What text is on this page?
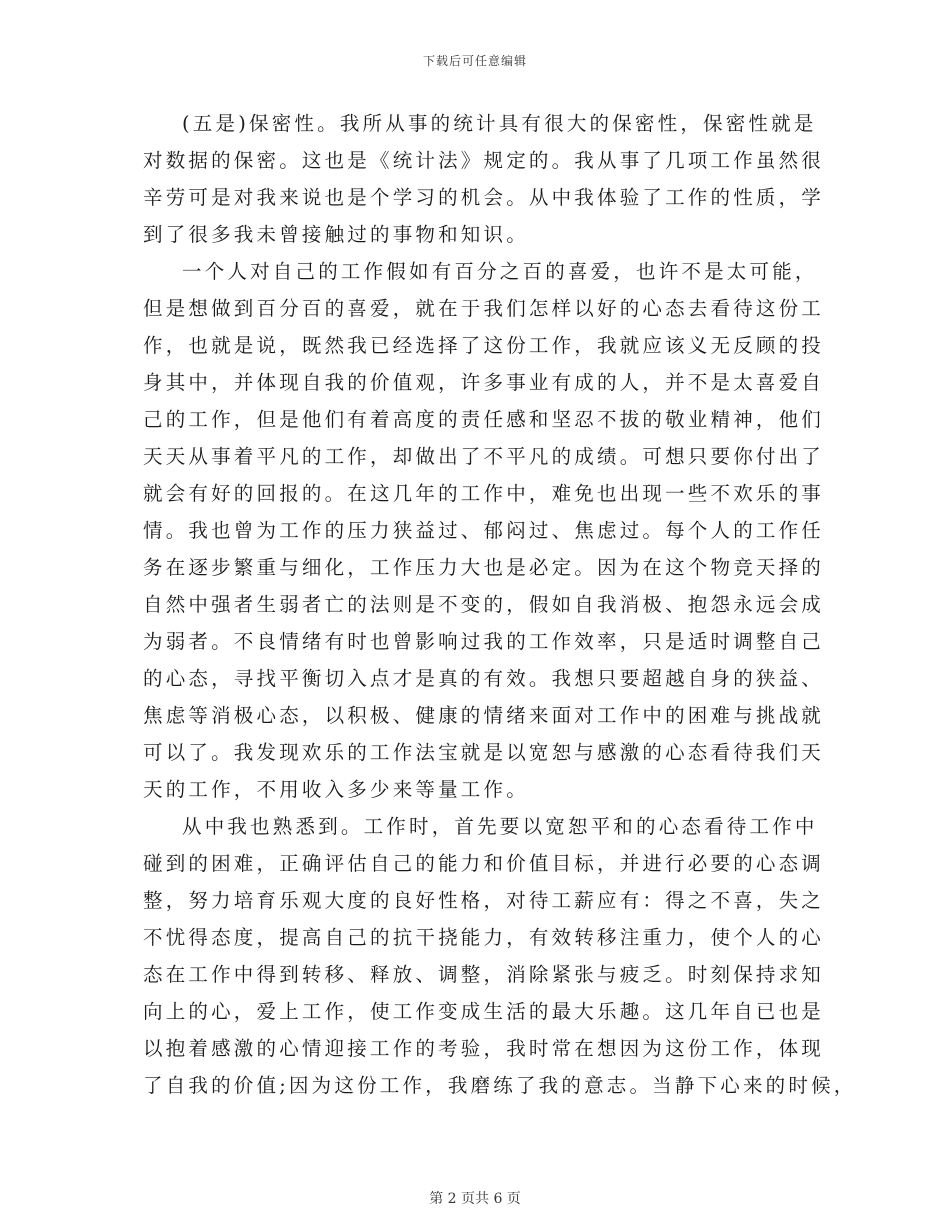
下载后可任意编辑

(五是)保密性。我所从事的统计具有很大的保密性，保密性就是
对数据的保密。这也是《统计法》规定的。我从事了几项工作虽然很
辛劳可是对我来说也是个学习的机会。从中我体验了工作的性质，学
到了很多我未曾接触过的事物和知识。

一个人对自己的工作假如有百分之百的喜爱，也许不是太可能，
但是想做到百分百的喜爱，就在于我们怎样以好的心态去看待这份工
作，也就是说，既然我已经选择了这份工作，我就应该义无反顾的投
身其中，并体现自我的价值观，许多事业有成的人，并不是太喜爱自
己的工作，但是他们有着高度的责任感和坚忍不拔的敬业精神，他们
天天从事着平凡的工作，却做出了不平凡的成绩。可想只要你付出了
就会有好的回报的。在这几年的工作中，难免也出现一些不欢乐的事
情。我也曾为工作的压力狭益过、郁闷过、焦虑过。每个人的工作任
务在逐步繁重与细化，工作压力大也是必定。因为在这个物竞天择的
自然中强者生弱者亡的法则是不变的，假如自我消极、抱怨永远会成
为弱者。不良情绪有时也曾影响过我的工作效率，只是适时调整自己
的心态，寻找平衡切入点才是真的有效。我想只要超越自身的狭益、
焦虑等消极心态，以积极、健康的情绪来面对工作中的困难与挑战就
可以了。我发现欢乐的工作法宝就是以宽恕与感激的心态看待我们天
天的工作，不用收入多少来等量工作。

从中我也熟悉到。工作时，首先要以宽恕平和的心态看待工作中
碰到的困难，正确评估自己的能力和价值目标，并进行必要的心态调
整，努力培育乐观大度的良好性格，对待工薪应有：得之不喜，失之
不忧得态度，提高自己的抗干挠能力，有效转移注重力，使个人的心
态在工作中得到转移、释放、调整，消除紧张与疲乏。时刻保持求知
向上的心，爱上工作，使工作变成生活的最大乐趣。这几年自已也是
以抱着感激的心情迎接工作的考验，我时常在想因为这份工作，体现
了自我的价值;因为这份工作，我磨练了我的意志。当静下心来的时候，

第 2 页共 6 页
